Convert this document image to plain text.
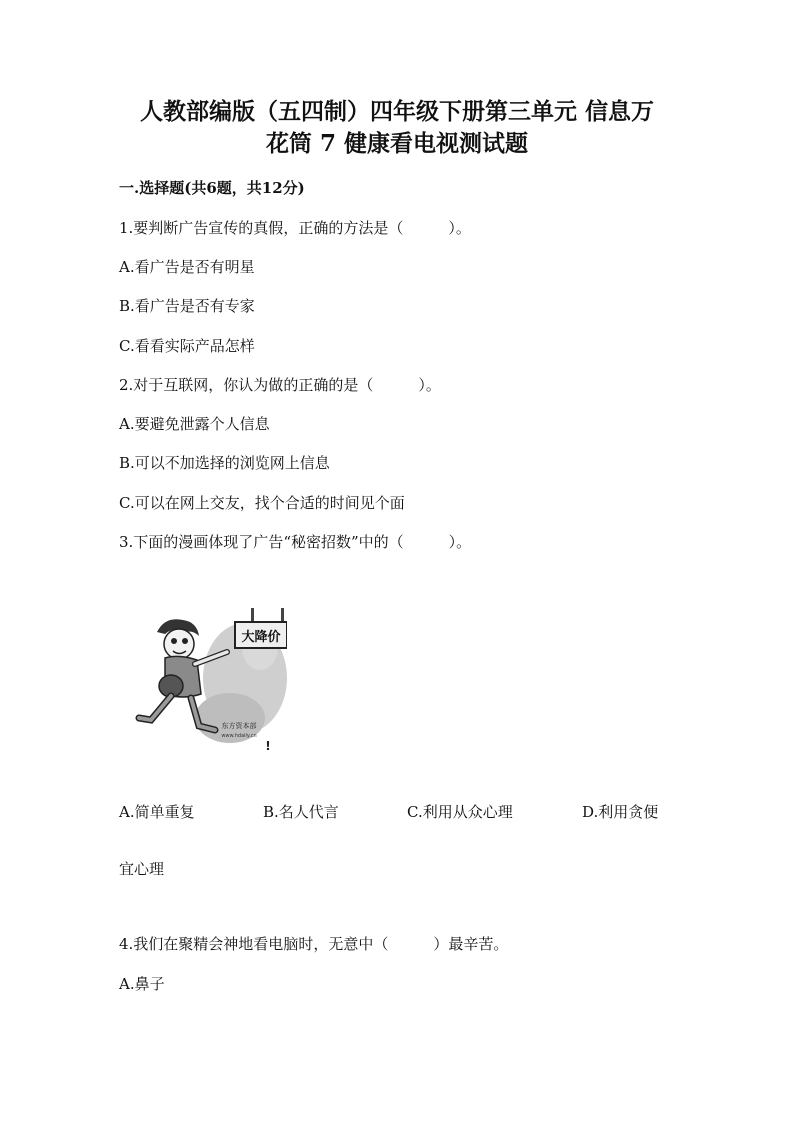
人教部编版（五四制）四年级下册第三单元 信息万
花筒 7 健康看电视测试题
一.选择题(共6题，共12分)
1.要判断广告宣传的真假，正确的方法是（　　　）。
A.看广告是否有明星
B.看广告是否有专家
C.看看实际产品怎样
2.对于互联网，你认为做的正确的是（　　　）。
A.要避免泄露个人信息
B.可以不加选择的浏览网上信息
C.可以在网上交友，找个合适的时间见个面
3.下面的漫画体现了广告“秘密招数”中的（　　　）。
大降价
东方资本部
www.hdaily.cn
!
A.简单重复	B.名人代言	C.利用从众心理	D.利用贪便
宜心理
4.我们在聚精会神地看电脑时，无意中（　　　）最辛苦。
A.鼻子
